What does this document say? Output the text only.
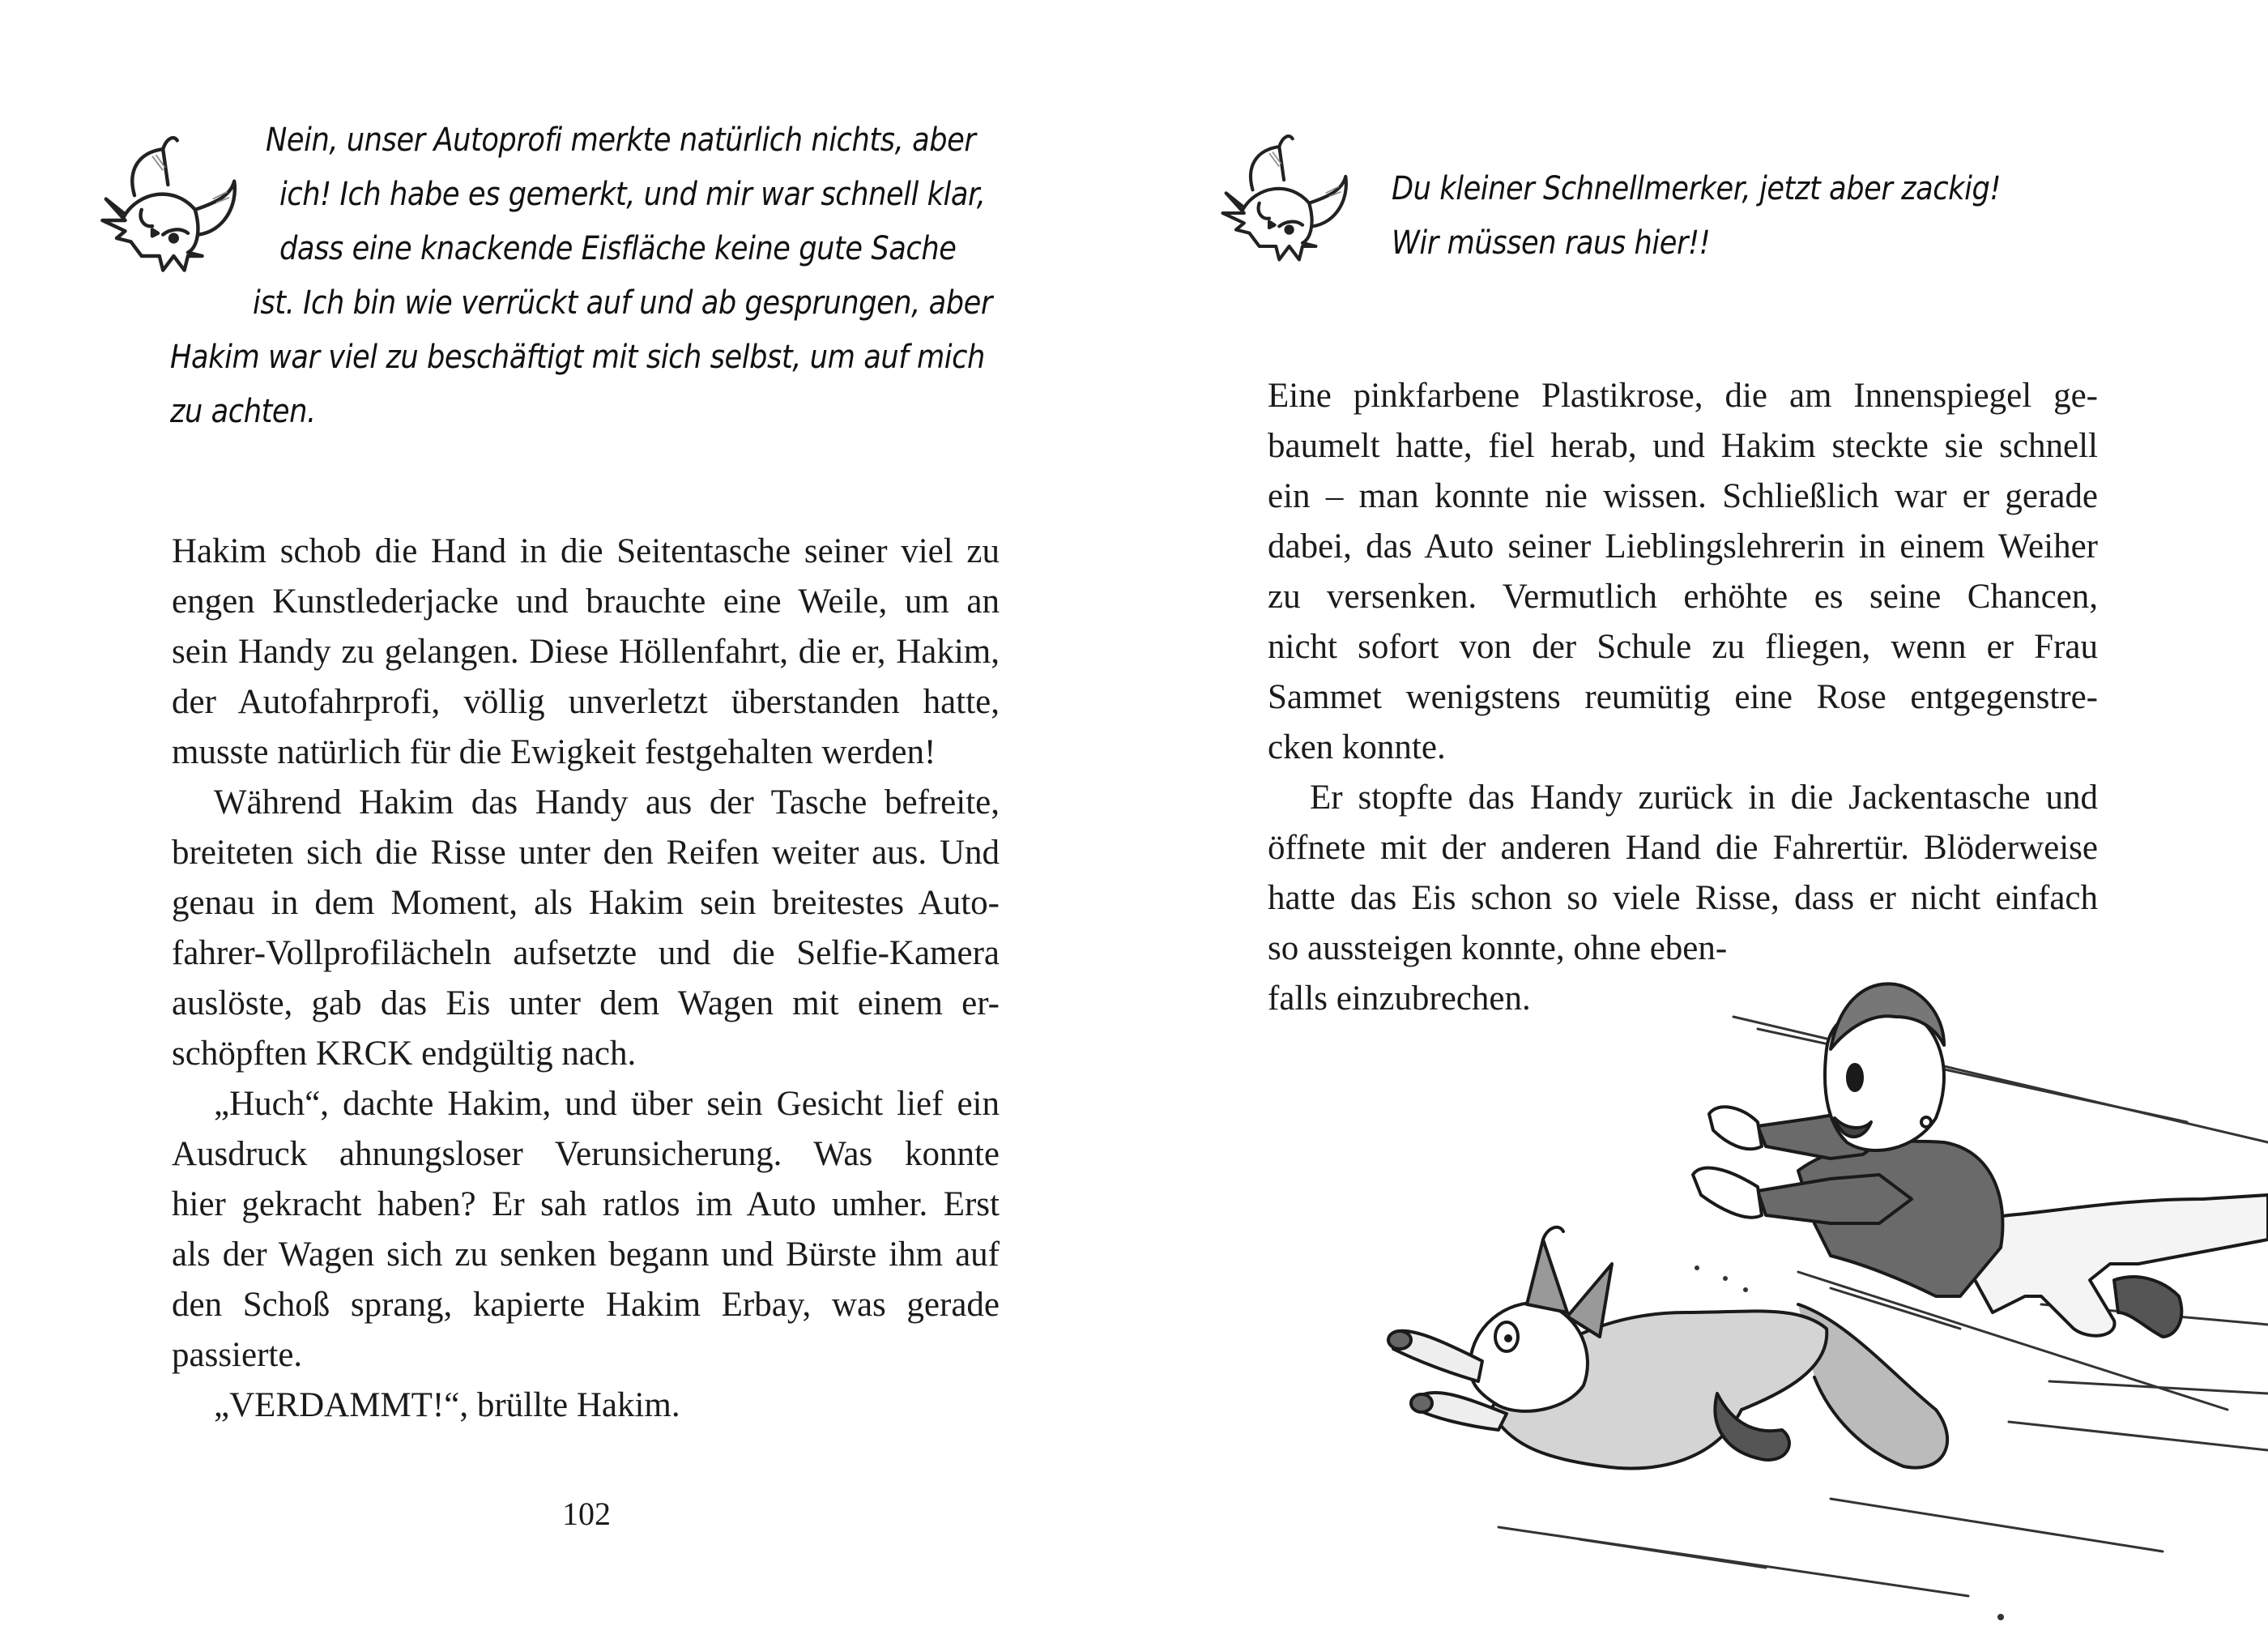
Nein, unser Autoprofi merkte natürlich nichts, aber
ich! Ich habe es gemerkt, und mir war schnell klar,
dass eine knackende Eisfläche keine gute Sache
ist. Ich bin wie verrückt auf und ab gesprungen, aber
Hakim war viel zu beschäftigt mit sich selbst, um auf mich
zu achten.
Hakim schob die Hand in die Seitentasche seiner viel zu
engen Kunstlederjacke und brauchte eine Weile, um an
sein Handy zu gelangen. Diese Höllenfahrt, die er, Hakim,
der Autofahrprofi, völlig unverletzt überstanden hatte,
musste natürlich für die Ewigkeit festgehalten werden!
Während Hakim das Handy aus der Tasche befreite,
breiteten sich die Risse unter den Reifen weiter aus. Und
genau in dem Moment, als Hakim sein breitestes Auto-
fahrer-Vollprofilächeln aufsetzte und die Selfie-Kamera
auslöste, gab das Eis unter dem Wagen mit einem er-
schöpften KRCK endgültig nach.
„Huch“, dachte Hakim, und über sein Gesicht lief ein
Ausdruck ahnungsloser Verunsicherung. Was konnte
hier gekracht haben? Er sah ratlos im Auto umher. Erst
als der Wagen sich zu senken begann und Bürste ihm auf
den Schoß sprang, kapierte Hakim Erbay, was gerade
passierte.
„VERDAMMT!“, brüllte Hakim.
102
Du kleiner Schnellmerker, jetzt aber zackig!
Wir müssen raus hier!!
Eine pinkfarbene Plastikrose, die am Innenspiegel ge-
baumelt hatte, fiel herab, und Hakim steckte sie schnell
ein – man konnte nie wissen. Schließlich war er gerade
dabei, das Auto seiner Lieblingslehrerin in einem Weiher
zu versenken. Vermutlich erhöhte es seine Chancen,
nicht sofort von der Schule zu fliegen, wenn er Frau
Sammet wenigstens reumütig eine Rose entgegenstre-
cken konnte.
Er stopfte das Handy zurück in die Jackentasche und
öffnete mit der anderen Hand die Fahrertür. Blöderweise
hatte das Eis schon so viele Risse, dass er nicht einfach
so aussteigen konnte, ohne eben-
falls einzubrechen.
